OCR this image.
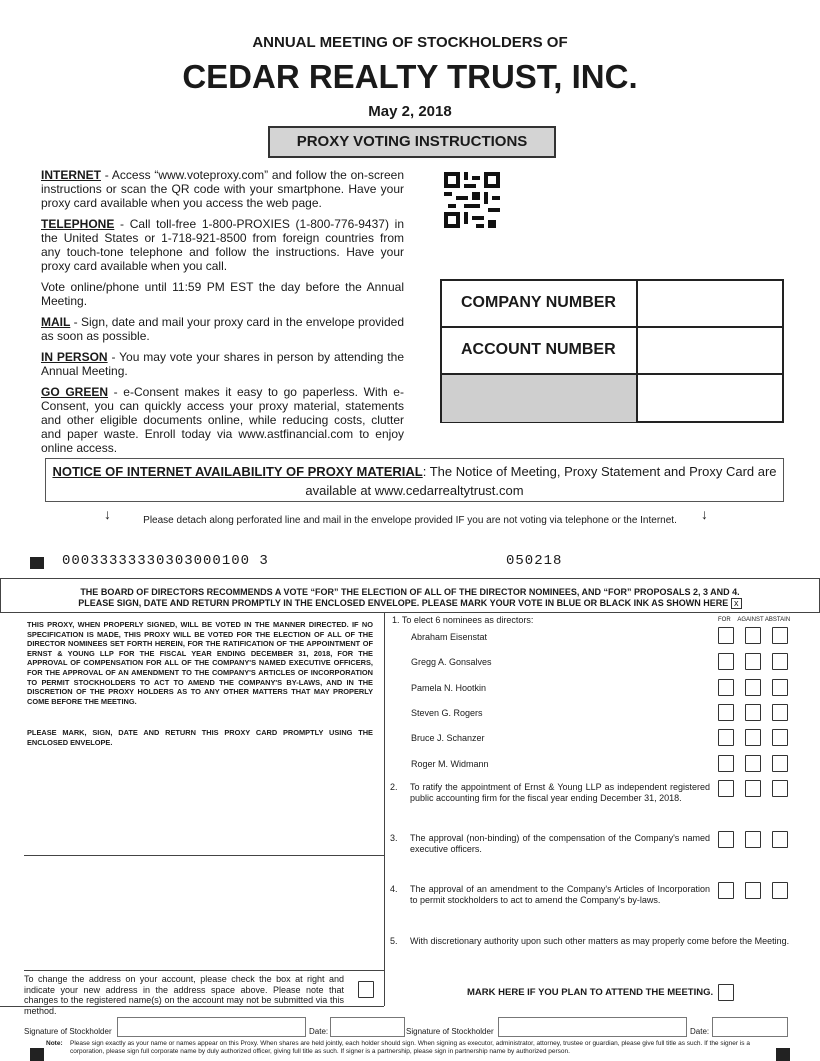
ANNUAL MEETING OF STOCKHOLDERS OF
CEDAR REALTY TRUST, INC.
May 2, 2018
PROXY VOTING INSTRUCTIONS

INTERNET - Access “www.voteproxy.com” and follow the on-screen instructions or scan the QR code with your smartphone. Have your proxy card available when you access the web page.

TELEPHONE - Call toll-free 1-800-PROXIES (1-800-776-9437) in the United States or 1-718-921-8500 from foreign countries from any touch-tone telephone and follow the instructions. Have your proxy card available when you call.

Vote online/phone until 11:59 PM EST the day before the Annual Meeting.

MAIL - Sign, date and mail your proxy card in the envelope provided as soon as possible.

IN PERSON - You may vote your shares in person by attending the Annual Meeting.

GO GREEN - e-Consent makes it easy to go paperless. With e-Consent, you can quickly access your proxy material, statements and other eligible documents online, while reducing costs, clutter and paper waste. Enroll today via www.astfinancial.com to enjoy online access.

COMPANY NUMBER
ACCOUNT NUMBER
NOTICE OF INTERNET AVAILABILITY OF PROXY MATERIAL: The Notice of Meeting, Proxy Statement and Proxy Card are available at www.cedarrealtytrust.com
↓	↓
Please detach along perforated line and mail in the envelope provided IF you are not voting via telephone or the Internet.
00033333330303000100 3	050218
THE BOARD OF DIRECTORS RECOMMENDS A VOTE “FOR” THE ELECTION OF ALL OF THE DIRECTOR NOMINEES, AND “FOR” PROPOSALS 2, 3 AND 4.
PLEASE SIGN, DATE AND RETURN PROMPTLY IN THE ENCLOSED ENVELOPE. PLEASE MARK YOUR VOTE IN BLUE OR BLACK INK AS SHOWN HERE x
THIS PROXY, WHEN PROPERLY SIGNED, WILL BE VOTED IN THE MANNER DIRECTED. IF NO SPECIFICATION IS MADE, THIS PROXY WILL BE VOTED FOR THE ELECTION OF ALL OF THE DIRECTOR NOMINEES SET FORTH HEREIN, FOR THE RATIFICATION OF THE APPOINTMENT OF ERNST & YOUNG LLP FOR THE FISCAL YEAR ENDING DECEMBER 31, 2018, FOR THE APPROVAL OF COMPENSATION FOR ALL OF THE COMPANY'S NAMED EXECUTIVE OFFICERS, FOR THE APPROVAL OF AN AMENDMENT TO THE COMPANY'S ARTICLES OF INCORPORATION TO PERMIT STOCKHOLDERS TO ACT TO AMEND THE COMPANY'S BY-LAWS, AND IN THE DISCRETION OF THE PROXY HOLDERS AS TO ANY OTHER MATTERS THAT MAY PROPERLY COME BEFORE THE MEETING.
PLEASE MARK, SIGN, DATE AND RETURN THIS PROXY CARD PROMPTLY USING THE ENCLOSED ENVELOPE.
To change the address on your account, please check the box at right and indicate your new address in the address space above. Please note that changes to the registered name(s) on the account may not be submitted via this method.
1. To elect 6 nominees as directors:	FOR AGAINST ABSTAIN
Abraham Eisenstat
Gregg A. Gonsalves
Pamela N. Hootkin
Steven G. Rogers
Bruce J. Schanzer
Roger M. Widmann
2. To ratify the appointment of Ernst & Young LLP as independent registered public accounting firm for the fiscal year ending December 31, 2018.
3. The approval (non-binding) of the compensation of the Company's named executive officers.
4. The approval of an amendment to the Company's Articles of Incorporation to permit stockholders to act to amend the Company's by-laws.
5. With discretionary authority upon such other matters as may properly come before the Meeting.
MARK HERE IF YOU PLAN TO ATTEND THE MEETING.
Signature of Stockholder	Date:	Signature of Stockholder	Date:
Note: Please sign exactly as your name or names appear on this Proxy. When shares are held jointly, each holder should sign. When signing as executor, administrator, attorney, trustee or guardian, please give full title as such. If the signer is a corporation, please sign full corporate name by duly authorized officer, giving full title as such. If signer is a partnership, please sign in partnership name by authorized person.
